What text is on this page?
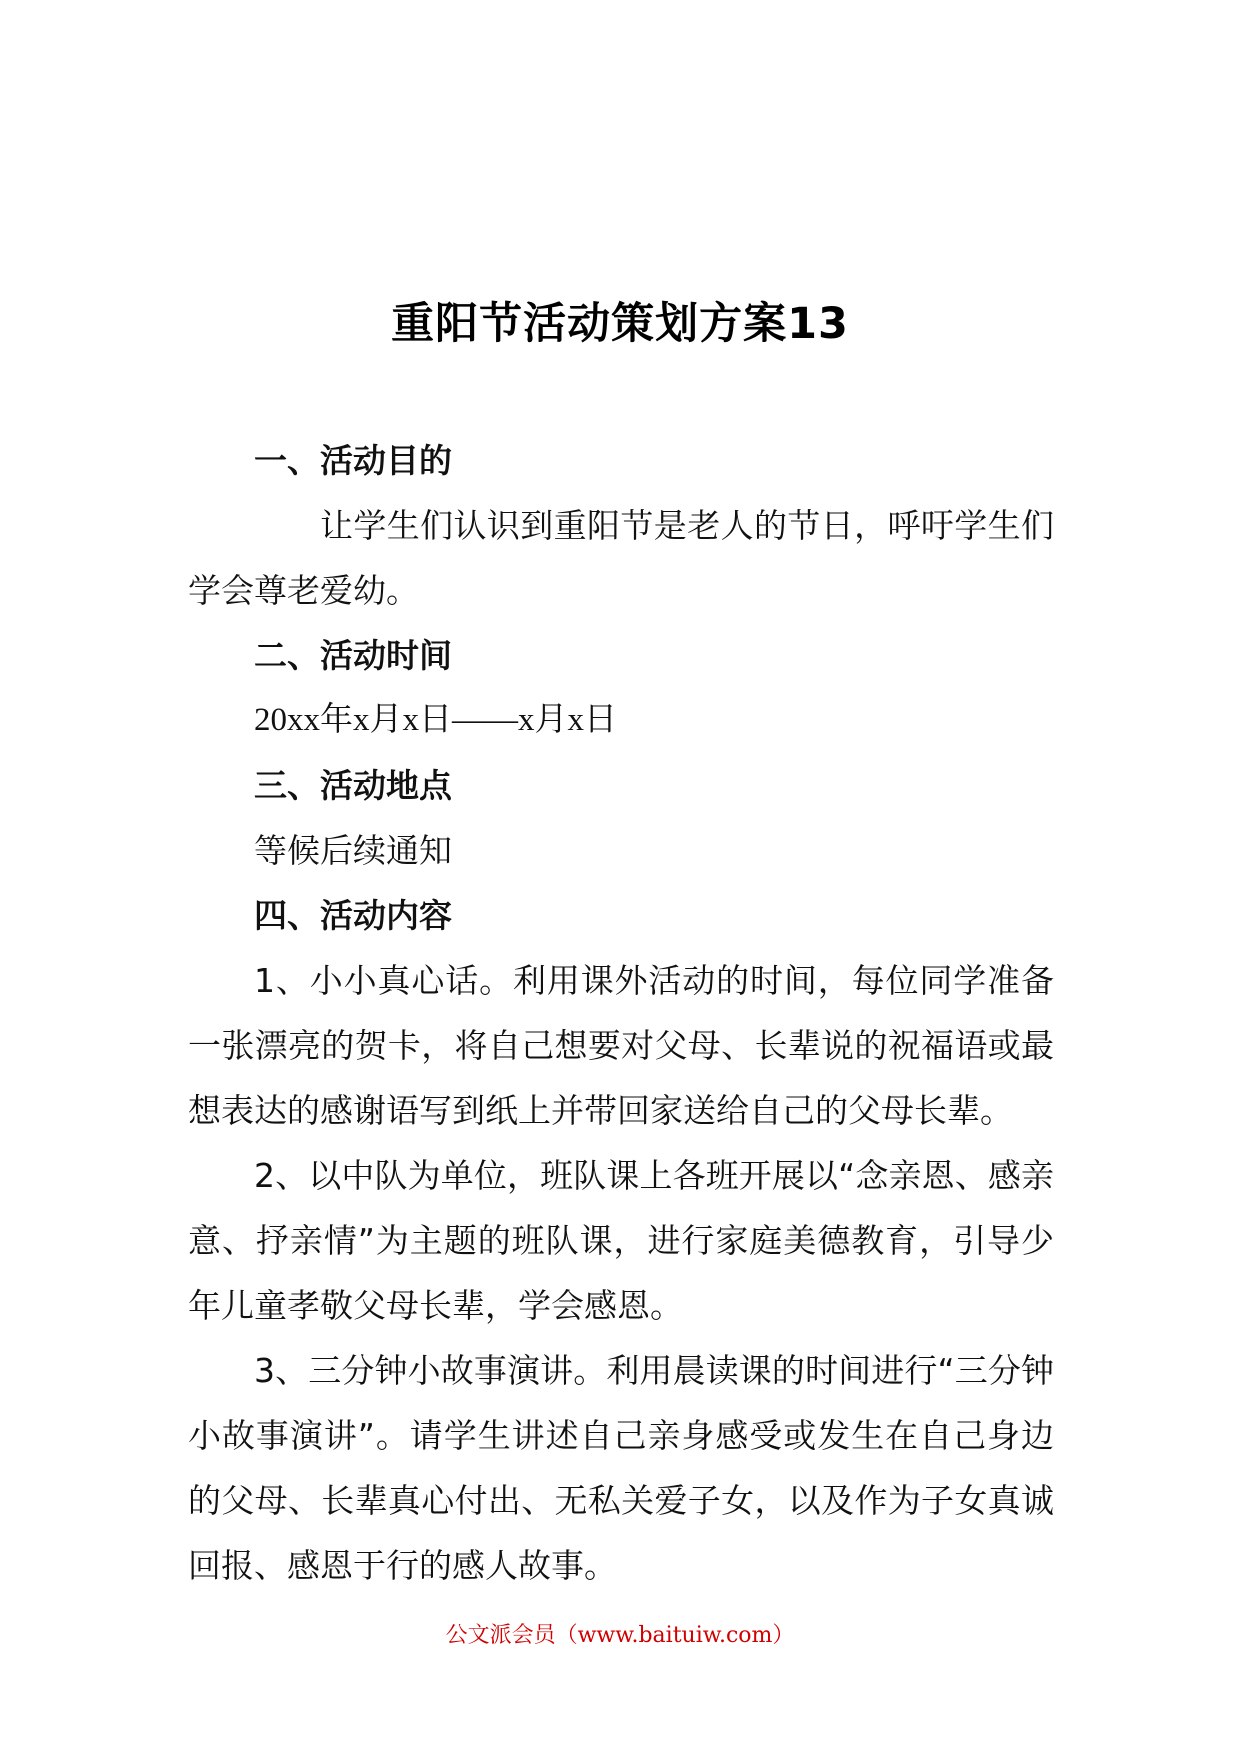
重阳节活动策划方案13

一、活动目的

让学生们认识到重阳节是老人的节日，呼吁学生们学会尊老爱幼。

二、活动时间

20xx年x月x日——x月x日

三、活动地点

等候后续通知

四、活动内容

1、小小真心话。利用课外活动的时间，每位同学准备一张漂亮的贺卡，将自己想要对父母、长辈说的祝福语或最想表达的感谢语写到纸上并带回家送给自己的父母长辈。

2、以中队为单位，班队课上各班开展以“念亲恩、感亲意、抒亲情”为主题的班队课，进行家庭美德教育，引导少年儿童孝敬父母长辈，学会感恩。

3、三分钟小故事演讲。利用晨读课的时间进行“三分钟小故事演讲”。请学生讲述自己亲身感受或发生在自己身边的父母、长辈真心付出、无私关爱子女，以及作为子女真诚回报、感恩于行的感人故事。

公文派会员（www.baituiw.com）
